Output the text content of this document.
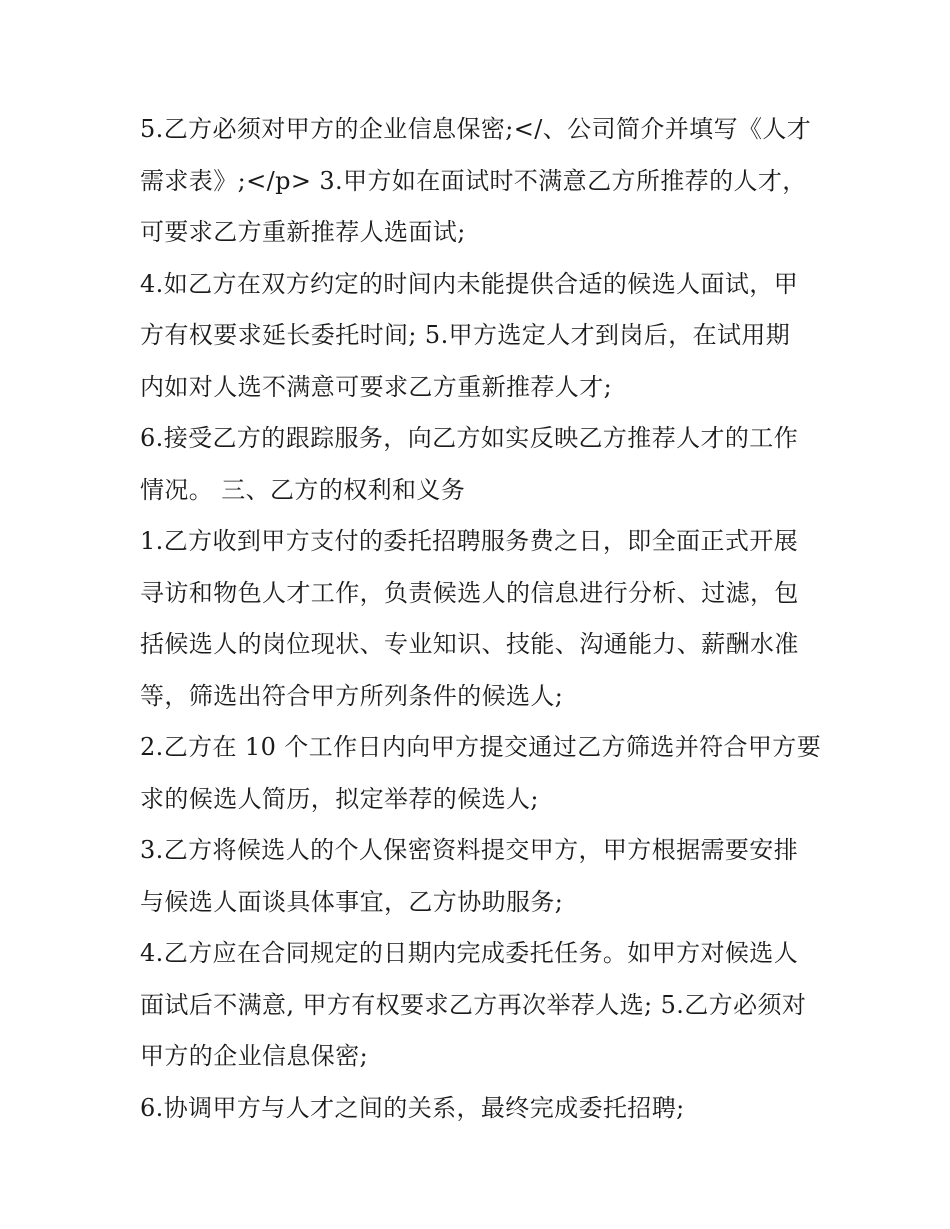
5.乙方必须对甲方的企业信息保密;</、公司简介并填写《人才
需求表》;</p> 3.甲方如在面试时不满意乙方所推荐的人才，
可要求乙方重新推荐人选面试;

4.如乙方在双方约定的时间内未能提供合适的候选人面试，甲
方有权要求延长委托时间; 5.甲方选定人才到岗后，在试用期
内如对人选不满意可要求乙方重新推荐人才;

6.接受乙方的跟踪服务，向乙方如实反映乙方推荐人才的工作
情况。 三、乙方的权利和义务

1.乙方收到甲方支付的委托招聘服务费之日，即全面正式开展
寻访和物色人才工作，负责候选人的信息进行分析、过滤，包
括候选人的岗位现状、专业知识、技能、沟通能力、薪酬水准
等，筛选出符合甲方所列条件的候选人;

2.乙方在 10 个工作日内向甲方提交通过乙方筛选并符合甲方要
求的候选人简历，拟定举荐的候选人;

3.乙方将候选人的个人保密资料提交甲方，甲方根据需要安排
与候选人面谈具体事宜，乙方协助服务;

4.乙方应在合同规定的日期内完成委托任务。如甲方对候选人
面试后不满意, 甲方有权要求乙方再次举荐人选; 5.乙方必须对
甲方的企业信息保密;

6.协调甲方与人才之间的关系，最终完成委托招聘;
